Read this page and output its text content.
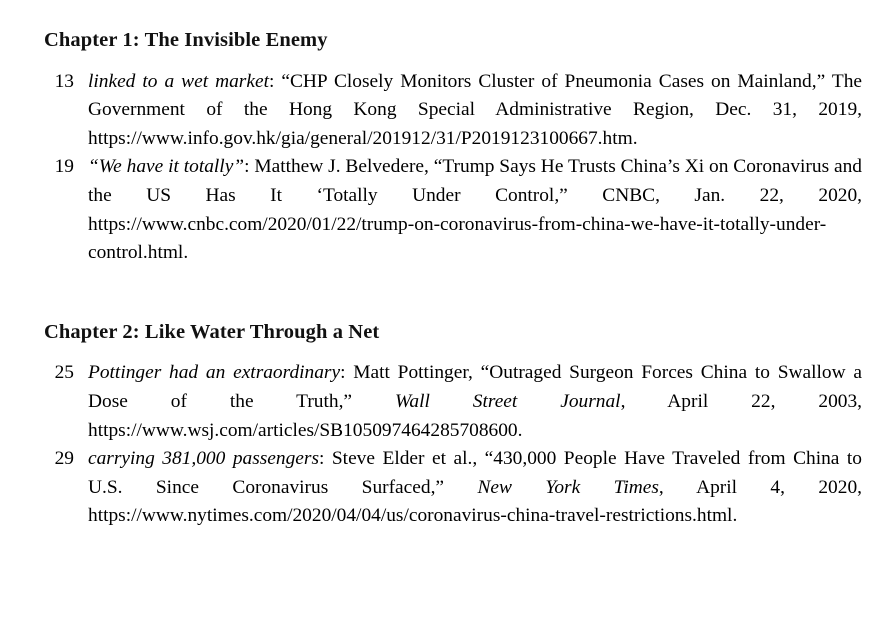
Chapter 1: The Invisible Enemy
13 linked to a wet market: “CHP Closely Monitors Cluster of Pneumonia Cases on Mainland,” The Government of the Hong Kong Special Administrative Region, Dec. 31, 2019, https://www.info.gov.hk/gia/general/201912/31/P2019123100667.htm.
19 “We have it totally”: Matthew J. Belvedere, “Trump Says He Trusts China’s Xi on Coronavirus and the US Has It ‘Totally Under Control,” CNBC, Jan. 22, 2020, https://www.cnbc.com/2020/01/22/trump-on-coronavirus-from-china-we-have-it-totally-under-control.html.
Chapter 2: Like Water Through a Net
25 Pottinger had an extraordinary: Matt Pottinger, “Outraged Surgeon Forces China to Swallow a Dose of the Truth,” Wall Street Journal, April 22, 2003, https://www.wsj.com/articles/SB105097464285708600.
29 carrying 381,000 passengers: Steve Elder et al., “430,000 People Have Traveled from China to U.S. Since Coronavirus Surfaced,” New York Times, April 4, 2020, https://www.nytimes.com/2020/04/04/us/coronavirus-china-travel-restrictions.html.
